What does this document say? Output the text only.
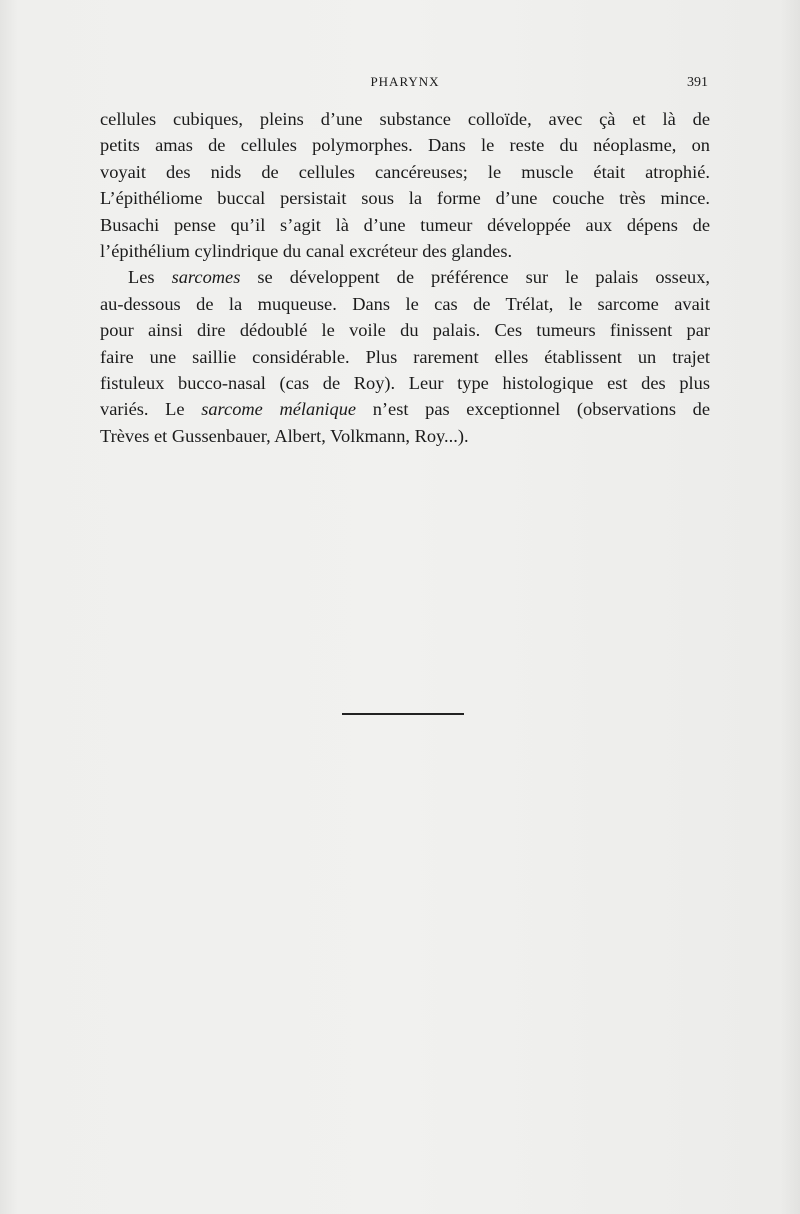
PHARYNX	391
cellules cubiques, pleins d’une substance colloïde, avec çà et là de
petits amas de cellules polymorphes. Dans le reste du néoplasme, on
voyait des nids de cellules cancéreuses; le muscle était atrophié.
L’épithéliome buccal persistait sous la forme d’une couche très mince.
Busachi pense qu’il s’agit là d’une tumeur développée aux dépens de
l’épithélium cylindrique du canal excréteur des glandes.
Les sarcomes se développent de préférence sur le palais osseux,
au-dessous de la muqueuse. Dans le cas de Trélat, le sarcome avait
pour ainsi dire dédoublé le voile du palais. Ces tumeurs finissent par
faire une saillie considérable. Plus rarement elles établissent un trajet
fistuleux bucco-nasal (cas de Roy). Leur type histologique est des plus
variés. Le sarcome mélanique n’est pas exceptionnel (observations de
Trèves et Gussenbauer, Albert, Volkmann, Roy...).
